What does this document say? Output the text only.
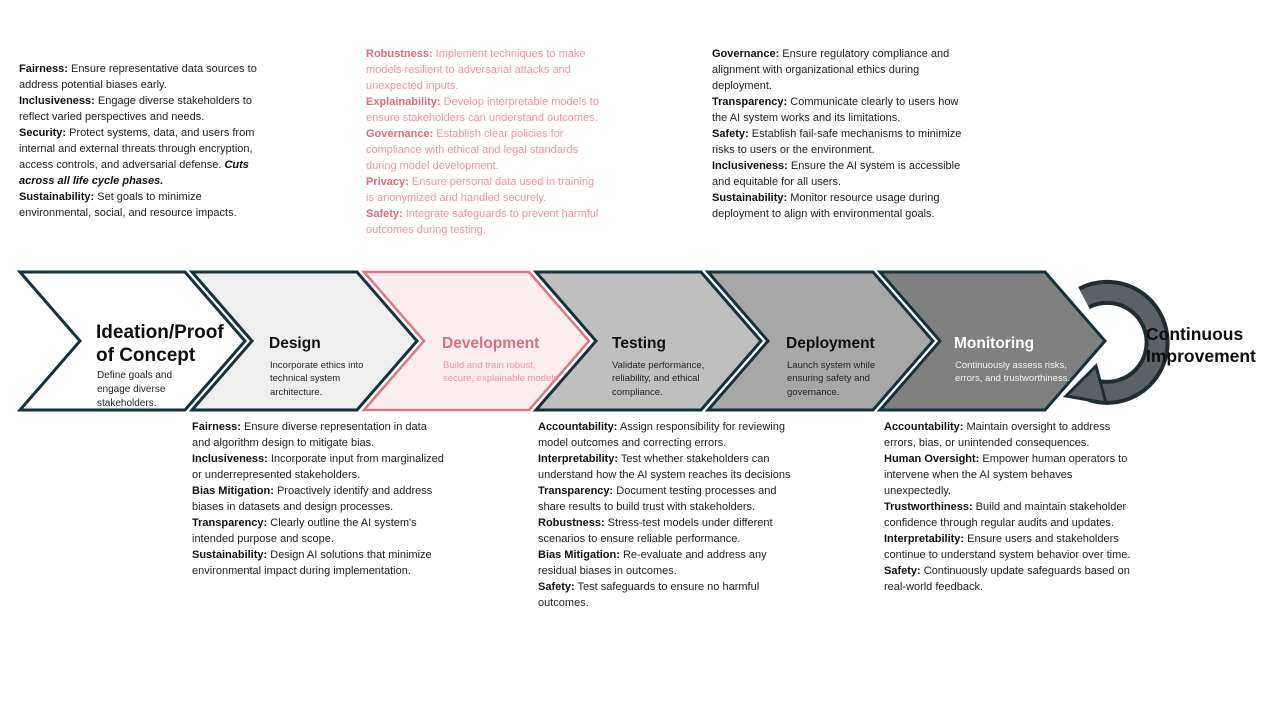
Ideation/Proof of Concept
Define goals and engage diverse stakeholders.
Design
Incorporate ethics into technical system architecture.
Development
Build and train robust, secure, explainable models.
Testing
Validate performance, reliability, and ethical compliance.
Deployment
Launch system while ensuring safety and governance.
Monitoring
Continuously assess risks, errors, and trustworthiness.
Continuous Improvement
Fairness: Ensure representative data sources to address potential biases early.
Inclusiveness: Engage diverse stakeholders to reflect varied perspectives and needs.
Security: Protect systems, data, and users from internal and external threats through encryption, access controls, and adversarial defense. Cuts across all life cycle phases.
Sustainability: Set goals to minimize environmental, social, and resource impacts.
Robustness: Implement techniques to make models resilient to adversarial attacks and unexpected inputs.
Explainability: Develop interpretable models to ensure stakeholders can understand outcomes.
Governance: Establish clear policies for compliance with ethical and legal standards during model development.
Privacy: Ensure personal data used in training is anonymized and handled securely.
Safety: Integrate safeguards to prevent harmful outcomes during testing.
Governance: Ensure regulatory compliance and alignment with organizational ethics during deployment.
Transparency: Communicate clearly to users how the AI system works and its limitations.
Safety: Establish fail-safe mechanisms to minimize risks to users or the environment.
Inclusiveness: Ensure the AI system is accessible and equitable for all users.
Sustainability: Monitor resource usage during deployment to align with environmental goals.
Fairness: Ensure diverse representation in data and algorithm design to mitigate bias.
Inclusiveness: Incorporate input from marginalized or underrepresented stakeholders.
Bias Mitigation: Proactively identify and address biases in datasets and design processes.
Transparency: Clearly outline the AI system's intended purpose and scope.
Sustainability: Design AI solutions that minimize environmental impact during implementation.
Accountability: Assign responsibility for reviewing model outcomes and correcting errors.
Interpretability: Test whether stakeholders can understand how the AI system reaches its decisions
Transparency: Document testing processes and share results to build trust with stakeholders.
Robustness: Stress-test models under different scenarios to ensure reliable performance.
Bias Mitigation: Re-evaluate and address any residual biases in outcomes.
Safety: Test safeguards to ensure no harmful outcomes.
Accountability: Maintain oversight to address errors, bias, or unintended consequences.
Human Oversight: Empower human operators to intervene when the AI system behaves unexpectedly.
Trustworthiness: Build and maintain stakeholder confidence through regular audits and updates.
Interpretability: Ensure users and stakeholders continue to understand system behavior over time.
Safety: Continuously update safeguards based on real-world feedback.
